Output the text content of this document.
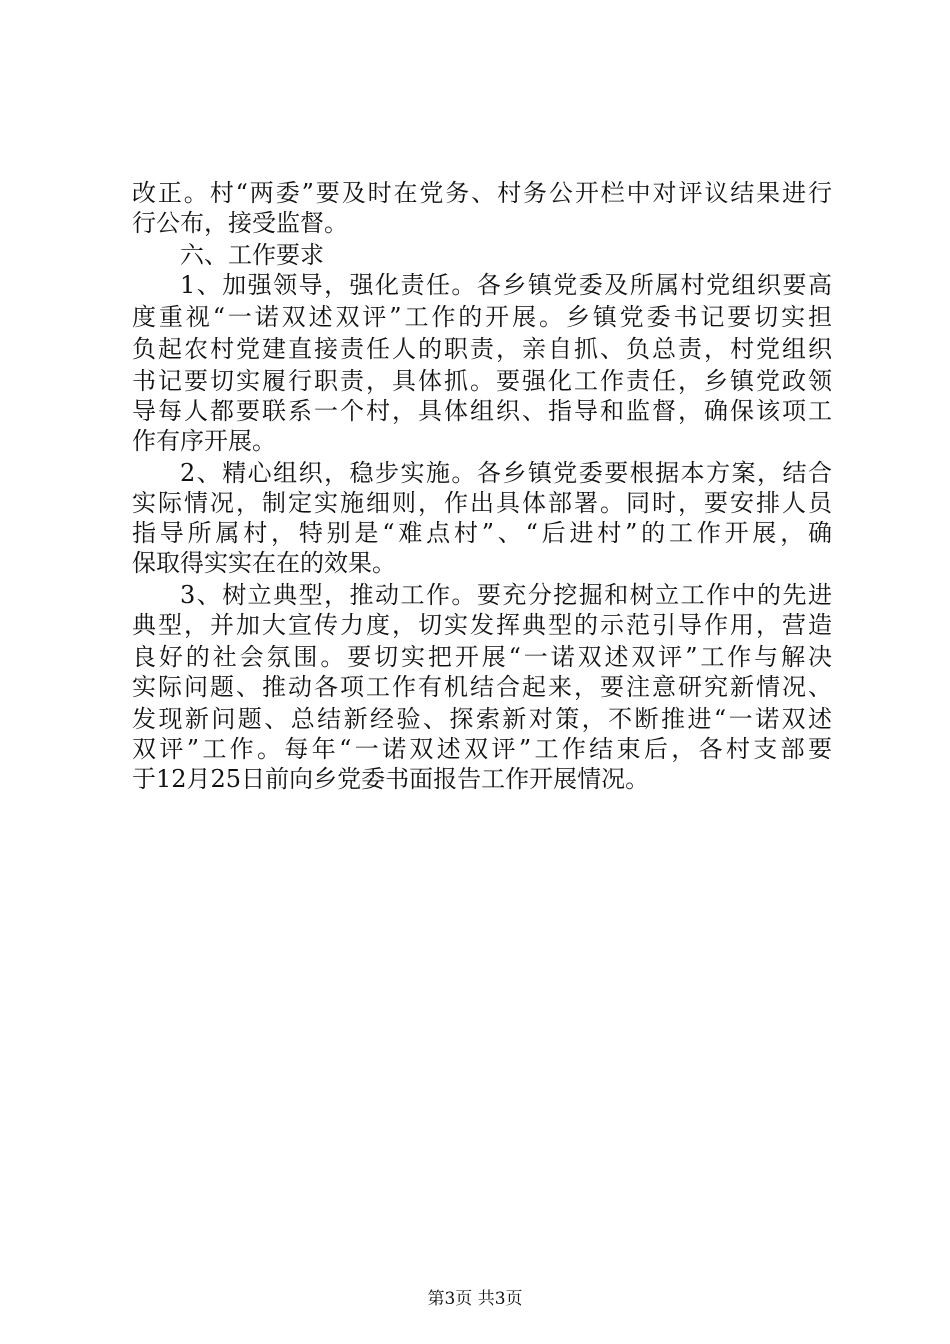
改正。村“两委”要及时在党务、村务公开栏中对评议结果进行
行公布，接受监督。
六、工作要求
1、加强领导，强化责任。各乡镇党委及所属村党组织要高
度重视“一诺双述双评”工作的开展。乡镇党委书记要切实担
负起农村党建直接责任人的职责，亲自抓、负总责，村党组织
书记要切实履行职责，具体抓。要强化工作责任，乡镇党政领
导每人都要联系一个村，具体组织、指导和监督，确保该项工
作有序开展。
2、精心组织，稳步实施。各乡镇党委要根据本方案，结合
实际情况，制定实施细则，作出具体部署。同时，要安排人员
指导所属村，特别是“难点村”、“后进村”的工作开展，确
保取得实实在在的效果。
3、树立典型，推动工作。要充分挖掘和树立工作中的先进
典型，并加大宣传力度，切实发挥典型的示范引导作用，营造
良好的社会氛围。要切实把开展“一诺双述双评”工作与解决
实际问题、推动各项工作有机结合起来，要注意研究新情况、
发现新问题、总结新经验、探索新对策，不断推进“一诺双述
双评”工作。每年“一诺双述双评”工作结束后，各村支部要
于12月25日前向乡党委书面报告工作开展情况。
第3页 共3页
